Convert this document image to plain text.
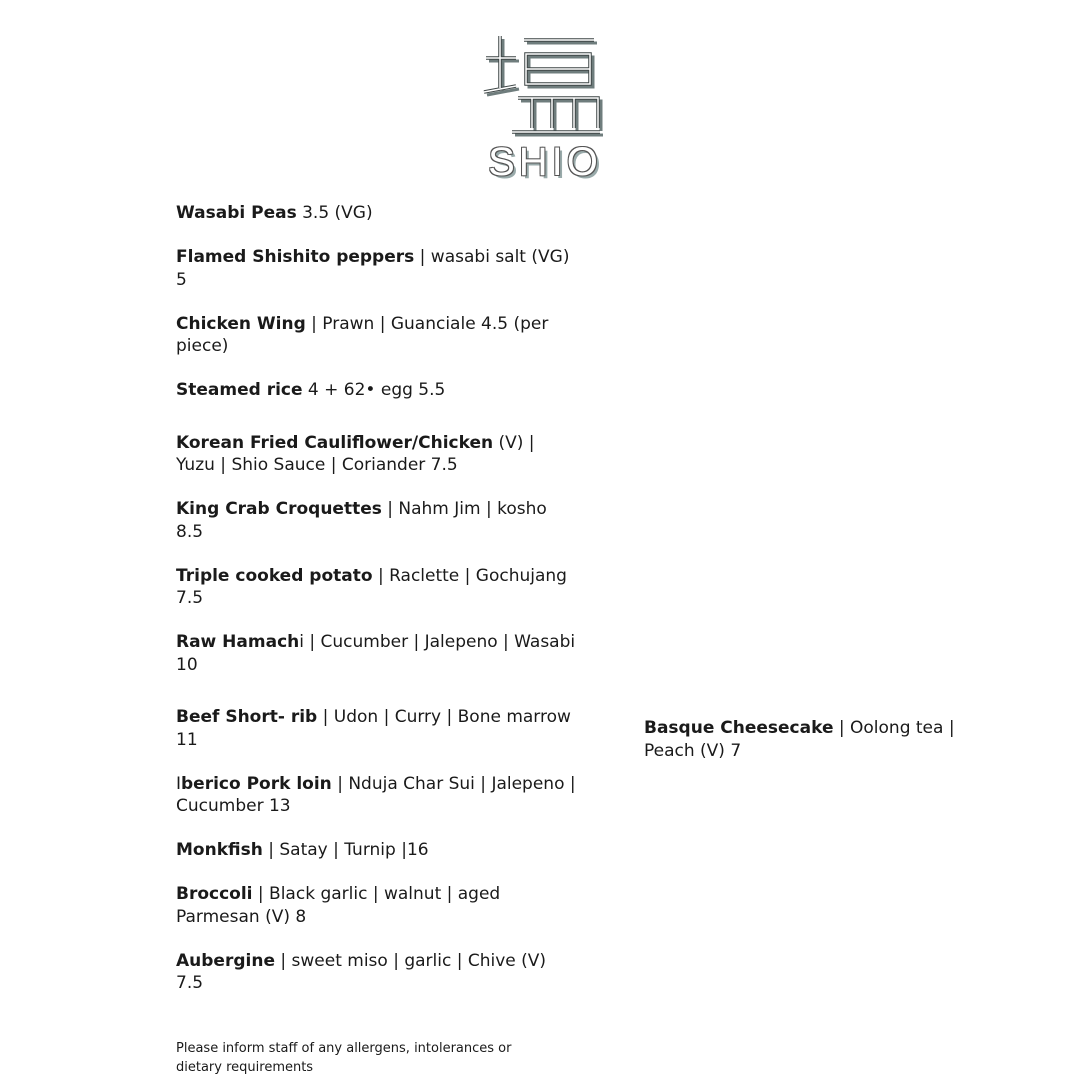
SHIO
Wasabi Peas 3.5 (VG)
Flamed Shishito peppers | wasabi salt (VG) 5
Chicken Wing | Prawn | Guanciale 4.5 (per piece)
Steamed rice 4 + 62• egg 5.5
Korean Fried Cauliflower/Chicken (V) | Yuzu | Shio Sauce | Coriander 7.5
King Crab Croquettes | Nahm Jim | kosho 8.5
Triple cooked potato | Raclette | Gochujang 7.5
Raw Hamachi | Cucumber | Jalepeno | Wasabi 10
Beef Short- rib | Udon | Curry | Bone marrow 11
Iberico Pork loin | Nduja Char Sui | Jalepeno | Cucumber 13
Monkfish | Satay | Turnip |16
Broccoli | Black garlic | walnut | aged Parmesan (V) 8
Aubergine | sweet miso | garlic | Chive (V) 7.5
Basque Cheesecake | Oolong tea | Peach (V) 7
Please inform staff of any allergens, intolerances or dietary requirements
